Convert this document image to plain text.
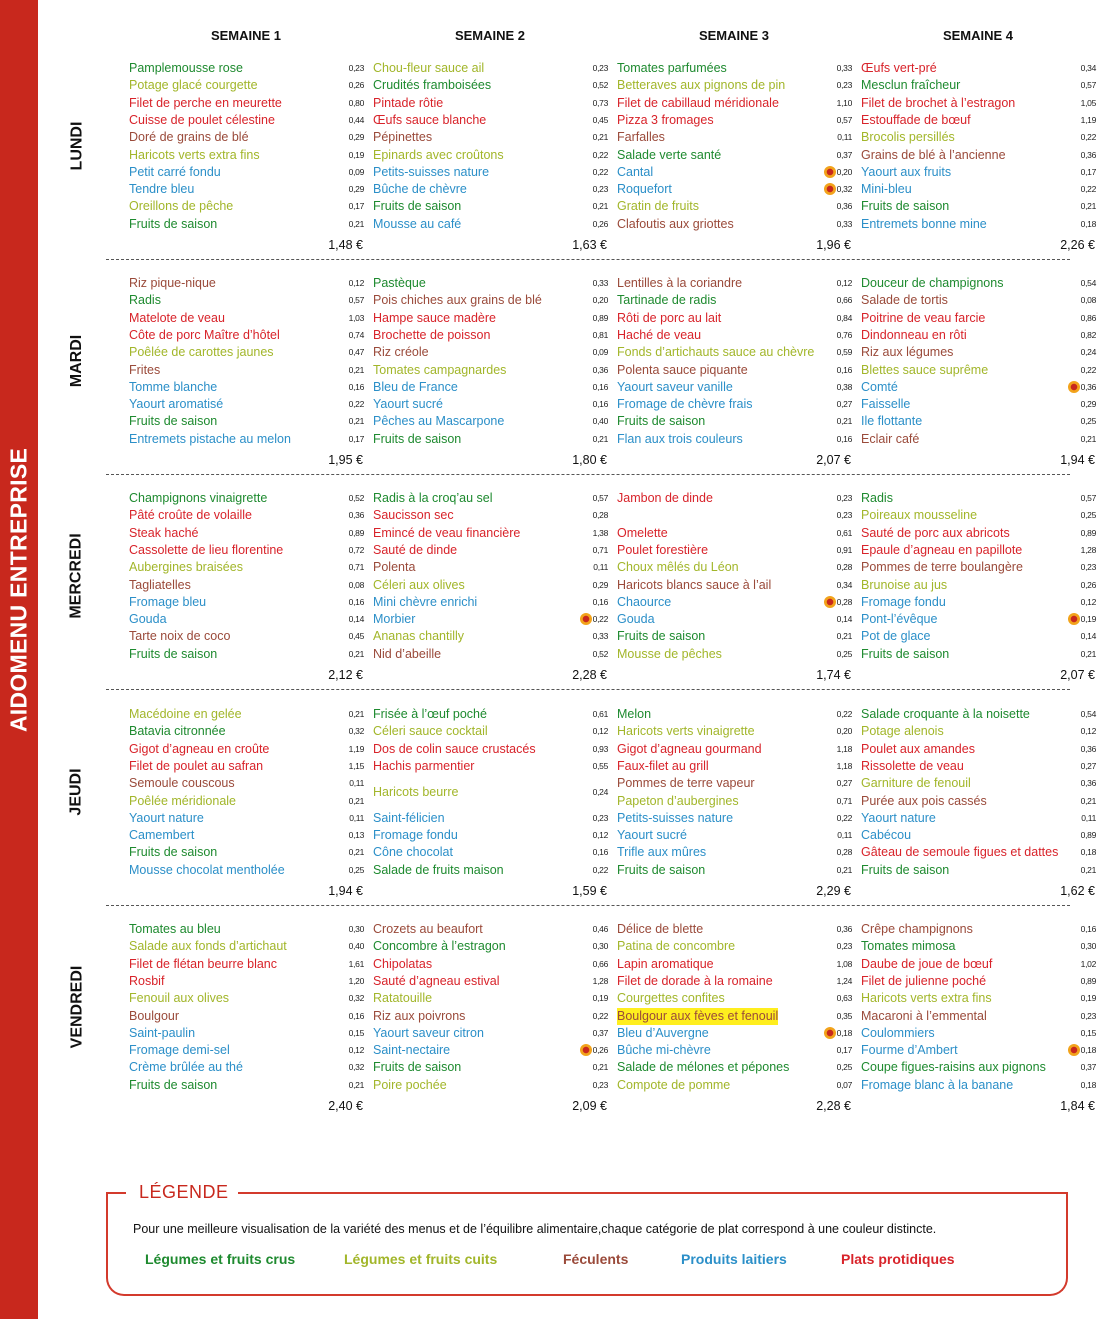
AIDOMENU ENTREPRISE
SEMAINE 1	SEMAINE 2	SEMAINE 3	SEMAINE 4
LUNDI
Pamplemousse rose	0,23
Potage glacé courgette	0,26
Filet de perche en meurette	0,80
Cuisse de poulet célestine	0,44
Doré de grains de blé	0,29
Haricots verts extra fins	0,19
Petit carré fondu	0,09
Tendre bleu	0,29
Oreillons de pêche	0,17
Fruits de saison	0,21
1,48 €
Chou-fleur sauce ail	0,23
Crudités framboisées	0,52
Pintade rôtie	0,73
Œufs sauce blanche	0,45
Pépinettes	0,21
Epinards avec croûtons	0,22
Petits-suisses nature	0,22
Bûche de chèvre	0,23
Fruits de saison	0,21
Mousse au café	0,26
1,63 €
Tomates parfumées	0,33
Betteraves aux pignons de pin	0,23
Filet de cabillaud méridionale	1,10
Pizza 3 fromages	0,57
Farfalles	0,11
Salade verte santé	0,37
Cantal	0,20
Roquefort	0,32
Gratin de fruits	0,36
Clafoutis aux griottes	0,33
1,96 €
Œufs vert-pré	0,34
Mesclun fraîcheur	0,57
Filet de brochet à l’estragon	1,05
Estouffade de bœuf	1,19
Brocolis persillés	0,22
Grains de blé à l’ancienne	0,36
Yaourt aux fruits	0,17
Mini-bleu	0,22
Fruits de saison	0,21
Entremets bonne mine	0,18
2,26 €
MARDI
Riz pique-nique	0,12
Radis	0,57
Matelote de veau	1,03
Côte de porc Maître d’hôtel	0,74
Poêlée de carottes jaunes	0,47
Frites	0,21
Tomme blanche	0,16
Yaourt aromatisé	0,22
Fruits de saison	0,21
Entremets pistache au melon	0,17
1,95 €
Pastèque	0,33
Pois chiches aux grains de blé	0,20
Hampe sauce madère	0,89
Brochette de poisson	0,81
Riz créole	0,09
Tomates campagnardes	0,36
Bleu de France	0,16
Yaourt sucré	0,16
Pêches au Mascarpone	0,40
Fruits de saison	0,21
1,80 €
Lentilles à la coriandre	0,12
Tartinade de radis	0,66
Rôti de porc au lait	0,84
Haché de veau	0,76
Fonds d’artichauts sauce au chèvre	0,59
Polenta sauce piquante	0,16
Yaourt saveur vanille	0,38
Fromage de chèvre frais	0,27
Fruits de saison	0,21
Flan aux trois couleurs	0,16
2,07 €
Douceur de champignons	0,54
Salade de tortis	0,08
Poitrine de veau farcie	0,86
Dindonneau en rôti	0,82
Riz aux légumes	0,24
Blettes sauce suprême	0,22
Comté	0,36
Faisselle	0,29
Ile flottante	0,25
Eclair café	0,21
1,94 €
MERCREDI
Champignons vinaigrette	0,52
Pâté croûte de volaille	0,36
Steak haché	0,89
Cassolette de lieu florentine	0,72
Aubergines braisées	0,71
Tagliatelles	0,08
Fromage bleu	0,16
Gouda	0,14
Tarte noix de coco	0,45
Fruits de saison	0,21
2,12 €
Radis à la croq’au sel	0,57
Saucisson sec	0,28
Emincé de veau financière	1,38
Sauté de dinde	0,71
Polenta	0,11
Céleri aux olives	0,29
Mini chèvre enrichi	0,16
Morbier	0,22
Ananas chantilly	0,33
Nid d’abeille	0,52
2,28 €
Jambon de dinde	0,23
0,23
Omelette	0,61
Poulet forestière	0,91
Choux mêlés du Léon	0,28
Haricots blancs sauce à l’ail	0,34
Chaource	0,28
Gouda	0,14
Fruits de saison	0,21
Mousse de pêches	0,25
1,74 €
Radis	0,57
Poireaux mousseline	0,25
Sauté de porc aux abricots	0,89
Epaule d’agneau en papillote	1,28
Pommes de terre boulangère	0,23
Brunoise au jus	0,26
Fromage fondu	0,12
Pont-l’évêque	0,19
Pot de glace	0,14
Fruits de saison	0,21
2,07 €
JEUDI
Macédoine en gelée	0,21
Batavia citronnée	0,32
Gigot d’agneau en croûte	1,19
Filet de poulet au safran	1,15
Semoule couscous	0,11
Poêlée méridionale	0,21
Yaourt nature	0,11
Camembert	0,13
Fruits de saison	0,21
Mousse chocolat mentholée	0,25
1,94 €
Frisée à l’œuf poché	0,61
Céleri sauce cocktail	0,12
Dos de colin sauce crustacés	0,93
Hachis parmentier	0,55
Haricots beurre	0,24
Saint-félicien	0,23
Fromage fondu	0,12
Cône chocolat	0,16
Salade de fruits maison	0,22
1,59 €
Melon	0,22
Haricots verts vinaigrette	0,20
Gigot d’agneau gourmand	1,18
Faux-filet au grill	1,18
Pommes de terre vapeur	0,27
Papeton d’aubergines	0,71
Petits-suisses nature	0,22
Yaourt sucré	0,11
Trifle aux mûres	0,28
Fruits de saison	0,21
2,29 €
Salade croquante à la noisette	0,54
Potage alenois	0,12
Poulet aux amandes	0,36
Rissolette de veau	0,27
Garniture de fenouil	0,36
Purée aux pois cassés	0,21
Yaourt nature	0,11
Cabécou	0,89
Gâteau de semoule figues et dattes	0,18
Fruits de saison	0,21
1,62 €
VENDREDI
Tomates au bleu	0,30
Salade aux fonds d’artichaut	0,40
Filet de flétan beurre blanc	1,61
Rosbif	1,20
Fenouil aux olives	0,32
Boulgour	0,16
Saint-paulin	0,15
Fromage demi-sel	0,12
Crème brûlée au thé	0,32
Fruits de saison	0,21
2,40 €
Crozets au beaufort	0,46
Concombre à l’estragon	0,30
Chipolatas	0,66
Sauté d’agneau estival	1,28
Ratatouille	0,19
Riz aux poivrons	0,22
Yaourt saveur citron	0,37
Saint-nectaire	0,26
Fruits de saison	0,21
Poire pochée	0,23
2,09 €
Délice de blette	0,36
Patina de concombre	0,23
Lapin aromatique	1,08
Filet de dorade à la romaine	1,24
Courgettes confites	0,63
Boulgour aux fèves et fenouil	0,35
Bleu d’Auvergne	0,18
Bûche mi-chèvre	0,17
Salade de mélones et pépones	0,25
Compote de pomme	0,07
2,28 €
Crêpe champignons	0,16
Tomates mimosa	0,30
Daube de joue de bœuf	1,02
Filet de julienne poché	0,89
Haricots verts extra fins	0,19
Macaroni à l’emmental	0,23
Coulommiers	0,15
Fourme d’Ambert	0,18
Coupe figues-raisins aux pignons	0,37
Fromage blanc à la banane	0,18
1,84 €
LÉGENDE
Pour une meilleure visualisation de la variété des menus et de l’équilibre alimentaire,chaque catégorie de plat correspond à une couleur distincte.
Légumes et fruits crus	Légumes et fruits cuits	Féculents	Produits laitiers	Plats protidiques
